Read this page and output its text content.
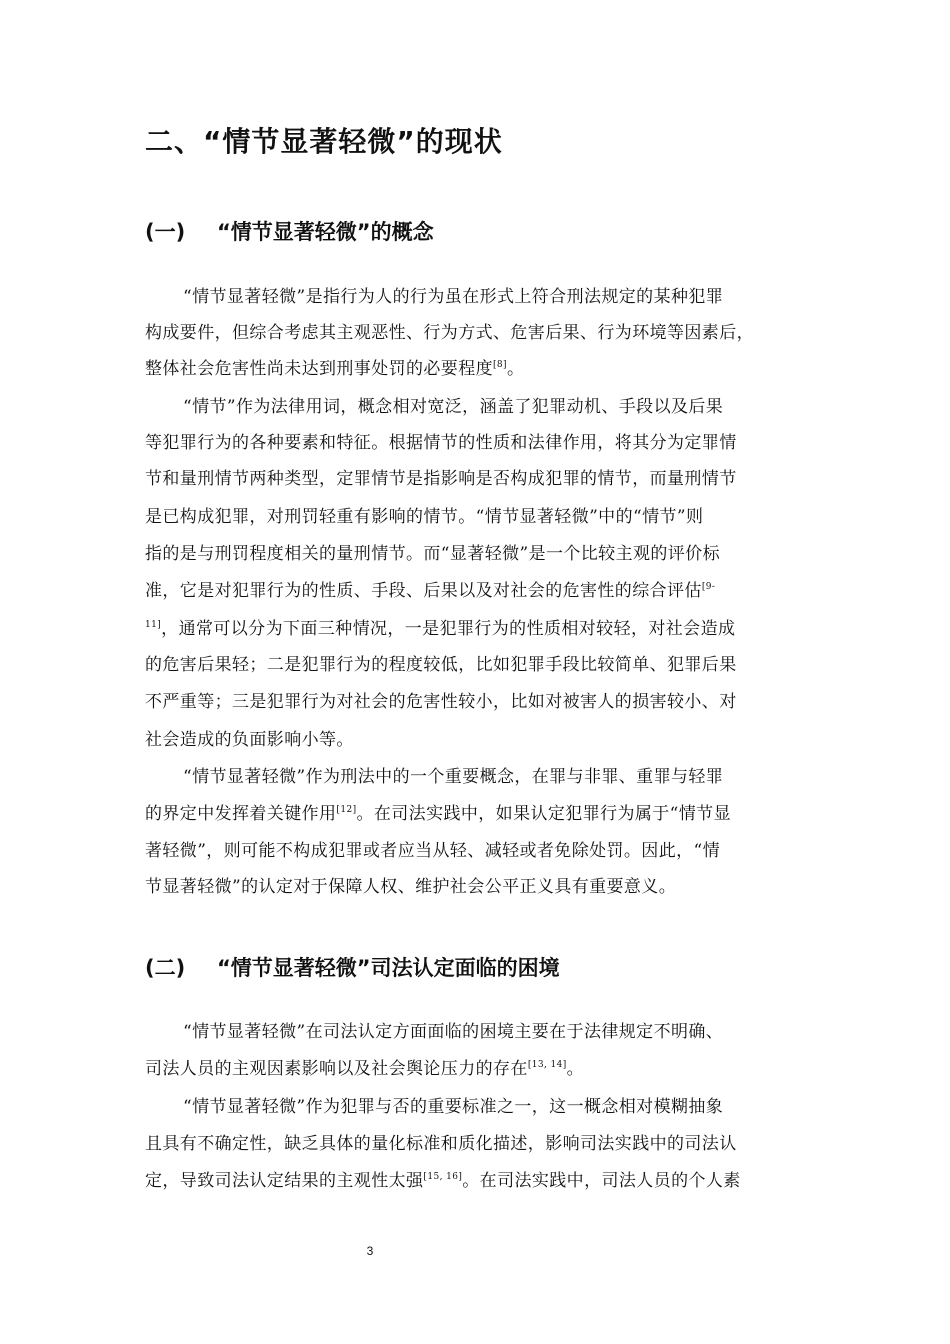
二、“情节显著轻微”的现状
(一) “情节显著轻微”的概念
“情节显著轻微”是指行为人的行为虽在形式上符合刑法规定的某种犯罪
构成要件，但综合考虑其主观恶性、行为方式、危害后果、行为环境等因素后，
整体社会危害性尚未达到刑事处罚的必要程度[8]。
“情节”作为法律用词，概念相对宽泛，涵盖了犯罪动机、手段以及后果
等犯罪行为的各种要素和特征。根据情节的性质和法律作用，将其分为定罪情
节和量刑情节两种类型，定罪情节是指影响是否构成犯罪的情节，而量刑情节
是已构成犯罪，对刑罚轻重有影响的情节。“情节显著轻微”中的“情节”则
指的是与刑罚程度相关的量刑情节。而“显著轻微”是一个比较主观的评价标
准，它是对犯罪行为的性质、手段、后果以及对社会的危害性的综合评估$^{[9-}$
$^{11]}$，通常可以分为下面三种情况，一是犯罪行为的性质相对较轻，对社会造成
的危害后果轻；二是犯罪行为的程度较低，比如犯罪手段比较简单、犯罪后果
不严重等；三是犯罪行为对社会的危害性较小，比如对被害人的损害较小、对
社会造成的负面影响小等。
“情节显著轻微”作为刑法中的一个重要概念，在罪与非罪、重罪与轻罪
的界定中发挥着关键作用[12]。在司法实践中，如果认定犯罪行为属于“情节显
著轻微”，则可能不构成犯罪或者应当从轻、减轻或者免除处罚。因此，“情
节显著轻微”的认定对于保障人权、维护社会公平正义具有重要意义。
(二) “情节显著轻微”司法认定面临的困境
“情节显著轻微”在司法认定方面面临的困境主要在于法律规定不明确、
司法人员的主观因素影响以及社会舆论压力的存在[13, 14]。
“情节显著轻微”作为犯罪与否的重要标准之一，这一概念相对模糊抽象
且具有不确定性，缺乏具体的量化标准和质化描述，影响司法实践中的司法认
定，导致司法认定结果的主观性太强[15, 16]。在司法实践中，司法人员的个人素
3
